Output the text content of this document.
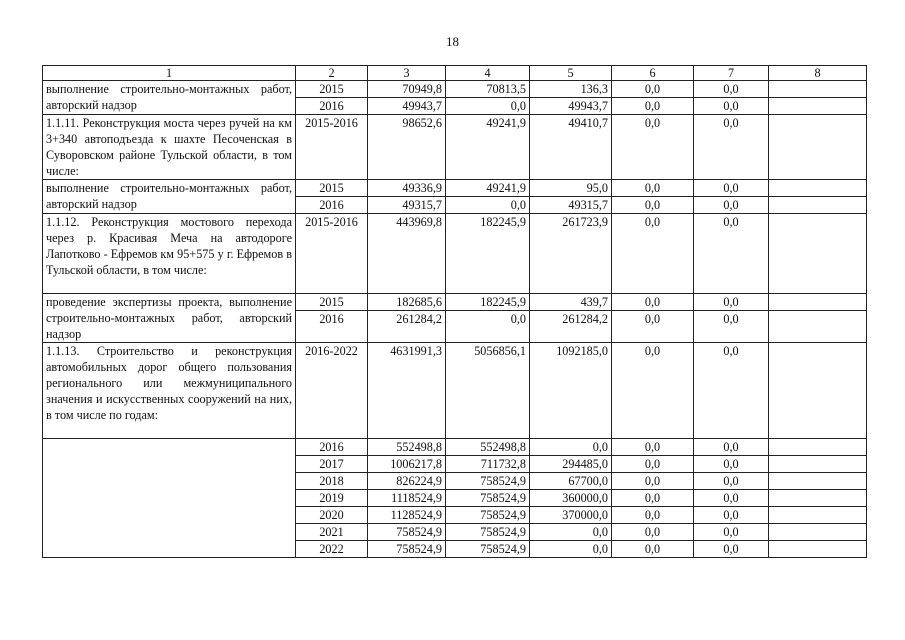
18
1	2	3	4	5	6	7	8
выполнение строительно-монтажных работ, авторский надзор	2015	70949,8	70813,5	136,3	0,0	0,0	
	2016	49943,7	0,0	49943,7	0,0	0,0	
1.1.11. Реконструкция моста через ручей на км 3+340 автоподъезда к шахте Песоченская в Суворовском районе Тульской области, в том числе:	2015-2016	98652,6	49241,9	49410,7	0,0	0,0	
выполнение строительно-монтажных работ, авторский надзор	2015	49336,9	49241,9	95,0	0,0	0,0	
	2016	49315,7	0,0	49315,7	0,0	0,0	
1.1.12. Реконструкция мостового перехода через р. Красивая Меча на автодороге Лапотково - Ефремов км 95+575 у г. Ефремов в Тульской области, в том числе:	2015-2016	443969,8	182245,9	261723,9	0,0	0,0	
проведение экспертизы проекта, выполнение строительно-монтажных работ, авторский надзор	2015	182685,6	182245,9	439,7	0,0	0,0	
	2016	261284,2	0,0	261284,2	0,0	0,0	
1.1.13. Строительство и реконструкция автомобильных дорог общего пользования регионального или межмуниципального значения и искусственных сооружений на них, в том числе по годам:	2016-2022	4631991,3	5056856,1	1092185,0	0,0	0,0	
	2016	552498,8	552498,8	0,0	0,0	0,0	
	2017	1006217,8	711732,8	294485,0	0,0	0,0	
	2018	826224,9	758524,9	67700,0	0,0	0,0	
	2019	1118524,9	758524,9	360000,0	0,0	0,0	
	2020	1128524,9	758524,9	370000,0	0,0	0,0	
	2021	758524,9	758524,9	0,0	0,0	0,0	
	2022	758524,9	758524,9	0,0	0,0	0,0	
